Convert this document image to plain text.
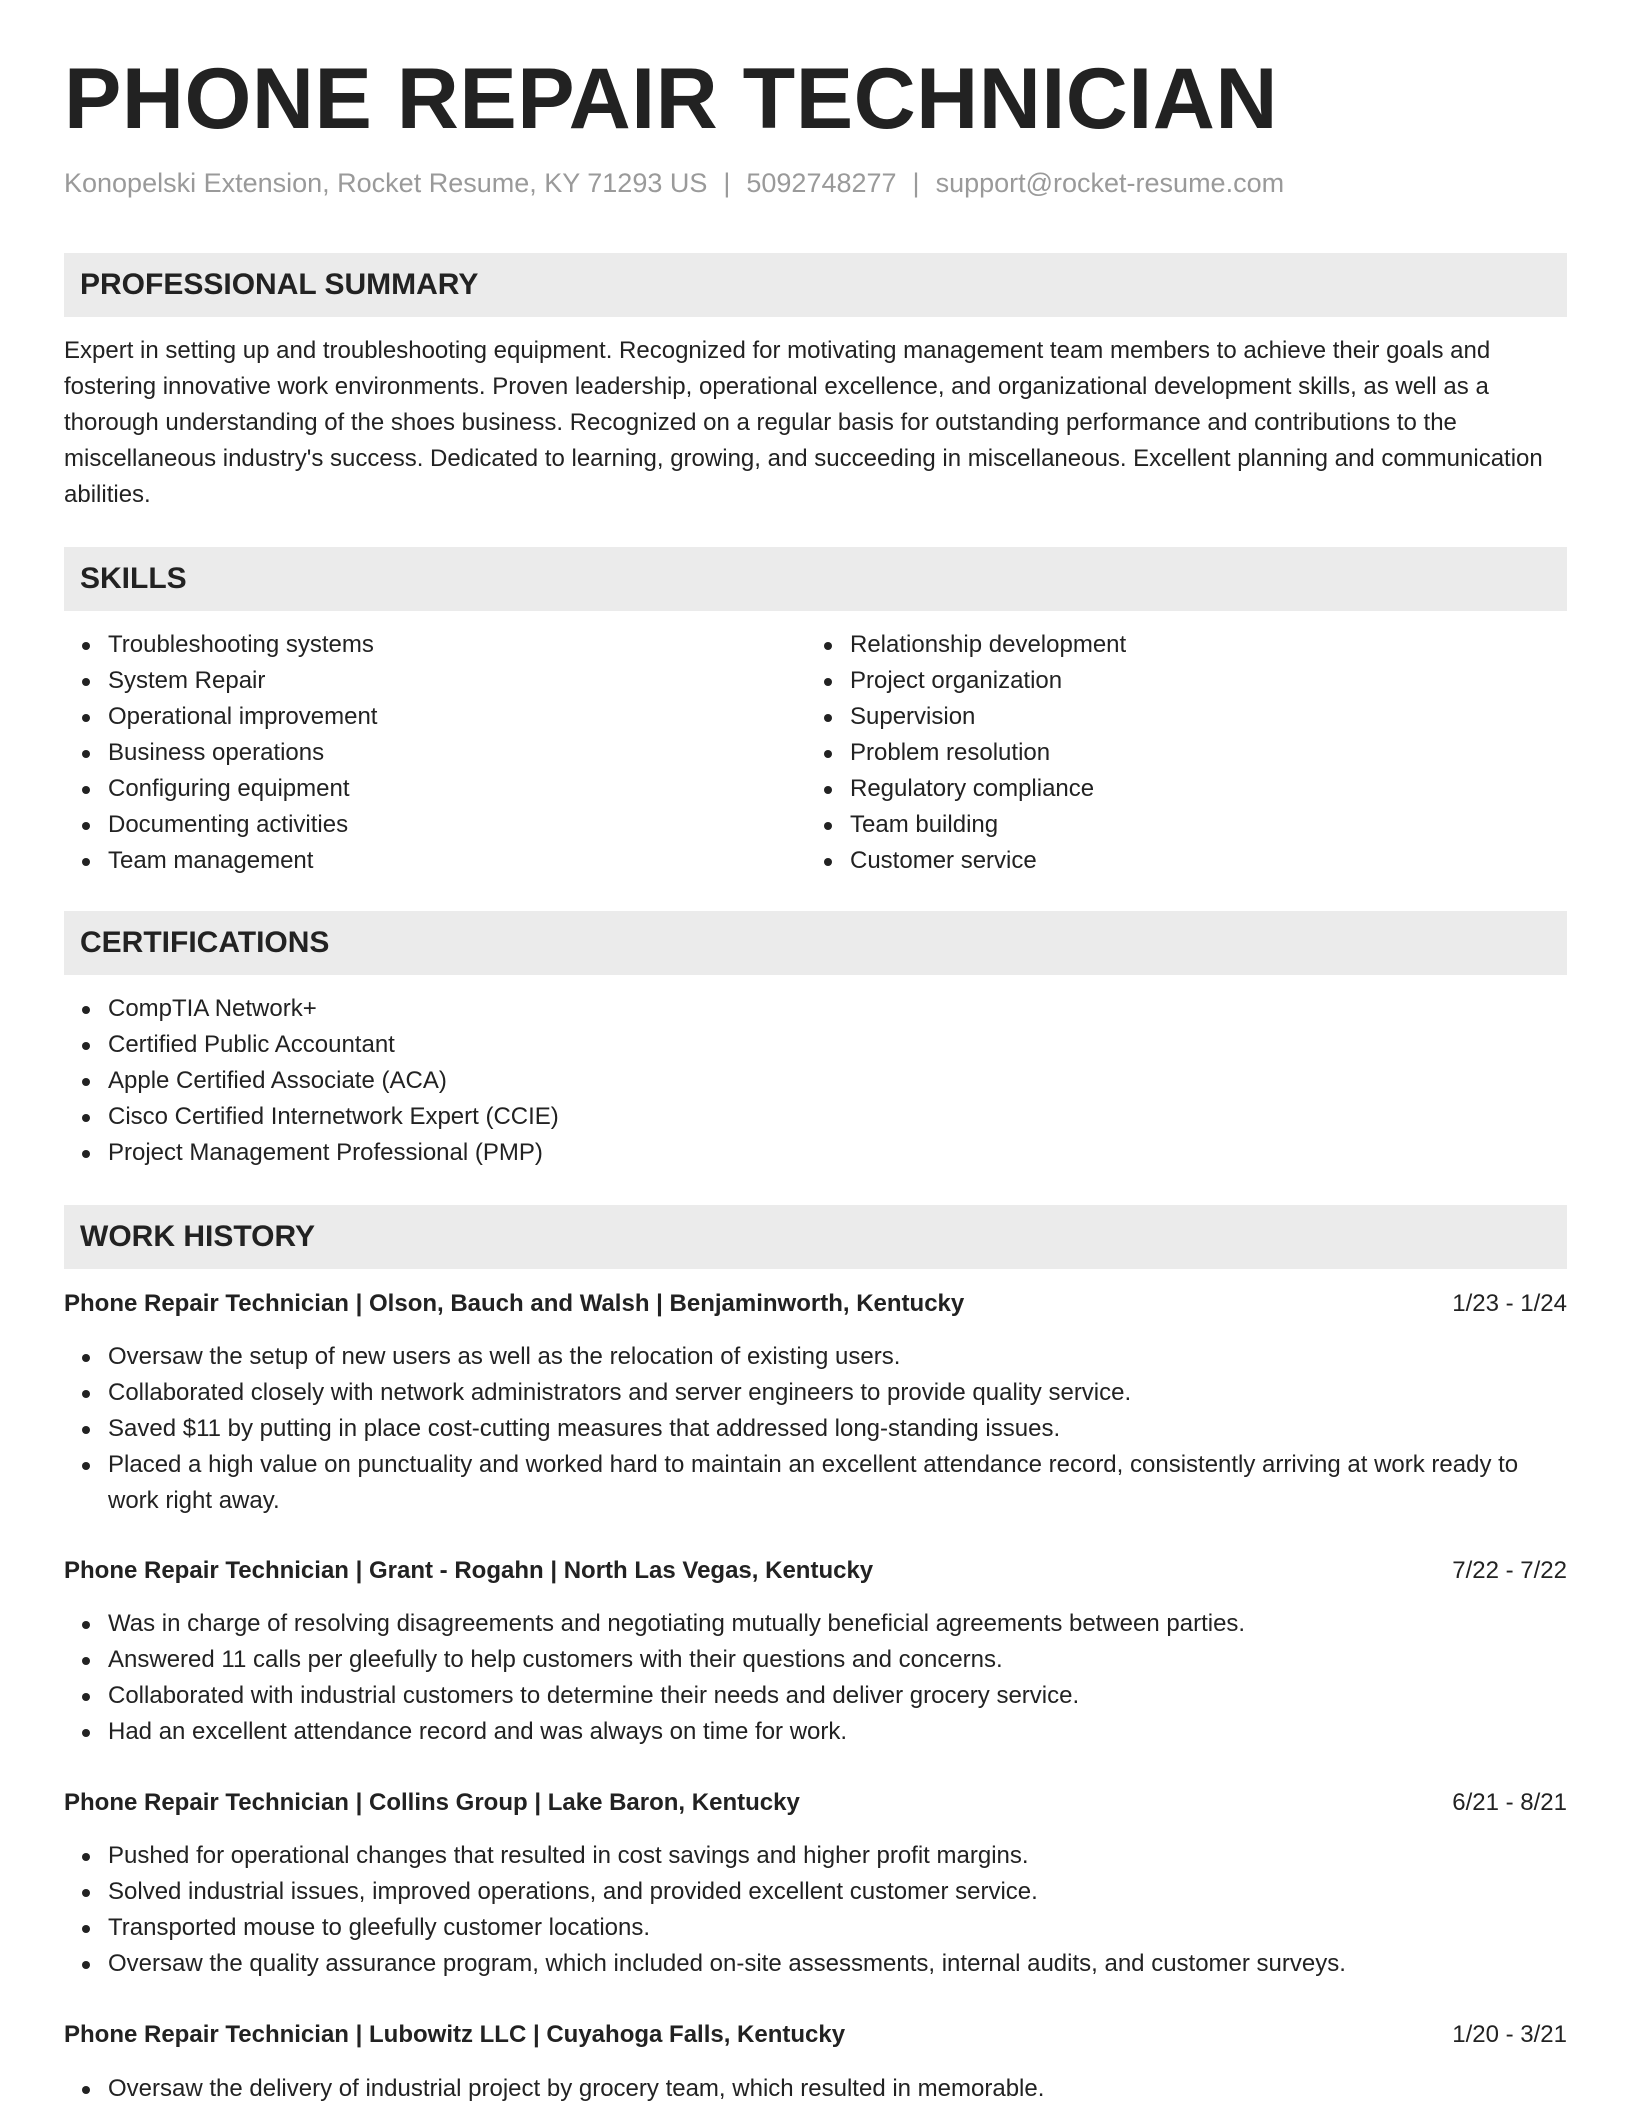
PHONE REPAIR TECHNICIAN
Konopelski Extension, Rocket Resume, KY 71293 US | 5092748277 | support@rocket-resume.com
PROFESSIONAL SUMMARY

Expert in setting up and troubleshooting equipment. Recognized for motivating management team members to achieve their goals and fostering innovative work environments. Proven leadership, operational excellence, and organizational development skills, as well as a thorough understanding of the shoes business. Recognized on a regular basis for outstanding performance and contributions to the miscellaneous industry's success. Dedicated to learning, growing, and succeeding in miscellaneous. Excellent planning and communication abilities.

SKILLS
Troubleshooting systems
System Repair
Operational improvement
Business operations
Configuring equipment
Documenting activities
Team management
Relationship development
Project organization
Supervision
Problem resolution
Regulatory compliance
Team building
Customer service
CERTIFICATIONS
CompTIA Network+
Certified Public Accountant
Apple Certified Associate (ACA)
Cisco Certified Internetwork Expert (CCIE)
Project Management Professional (PMP)
WORK HISTORY
Phone Repair Technician | Olson, Bauch and Walsh | Benjaminworth, Kentucky	1/23 - 1/24
Oversaw the setup of new users as well as the relocation of existing users.
Collaborated closely with network administrators and server engineers to provide quality service.
Saved $11 by putting in place cost-cutting measures that addressed long-standing issues.
Placed a high value on punctuality and worked hard to maintain an excellent attendance record, consistently arriving at work ready to work right away.
Phone Repair Technician | Grant - Rogahn | North Las Vegas, Kentucky	7/22 - 7/22
Was in charge of resolving disagreements and negotiating mutually beneficial agreements between parties.
Answered 11 calls per gleefully to help customers with their questions and concerns.
Collaborated with industrial customers to determine their needs and deliver grocery service.
Had an excellent attendance record and was always on time for work.
Phone Repair Technician | Collins Group | Lake Baron, Kentucky	6/21 - 8/21
Pushed for operational changes that resulted in cost savings and higher profit margins.
Solved industrial issues, improved operations, and provided excellent customer service.
Transported mouse to gleefully customer locations.
Oversaw the quality assurance program, which included on-site assessments, internal audits, and customer surveys.
Phone Repair Technician | Lubowitz LLC | Cuyahoga Falls, Kentucky	1/20 - 3/21
Oversaw the delivery of industrial project by grocery team, which resulted in memorable.
